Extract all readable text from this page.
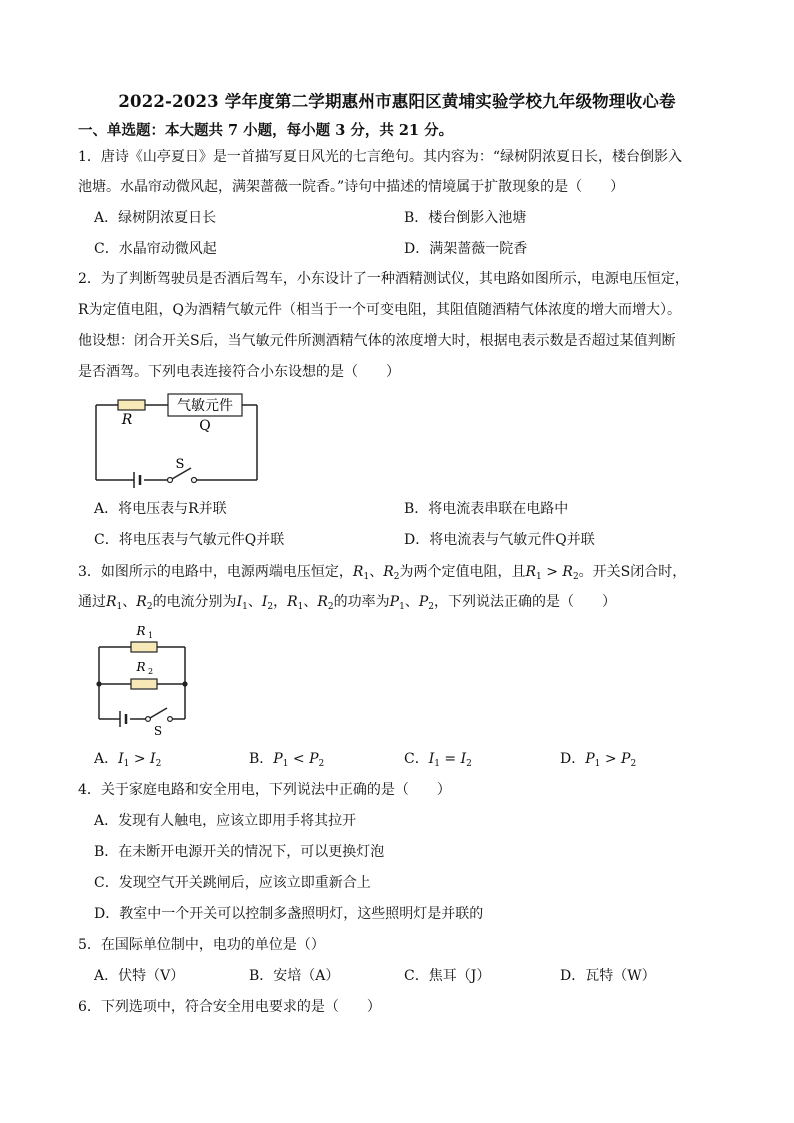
2022-2023 学年度第二学期惠州市惠阳区黄埔实验学校九年级物理收心卷
一、单选题：本大题共 7 小题，每小题 3 分，共 21 分。
1．唐诗《山亭夏日》是一首描写夏日风光的七言绝句。其内容为：“绿树阴浓夏日长，楼台倒影入
池塘。水晶帘动微风起，满架蔷薇一院香。”诗句中描述的情境属于扩散现象的是（　　）
A．绿树阴浓夏日长	B．楼台倒影入池塘
C．水晶帘动微风起	D．满架蔷薇一院香
2．为了判断驾驶员是否酒后驾车，小东设计了一种酒精测试仪，其电路如图所示，电源电压恒定，
R为定值电阻，Q为酒精气敏元件（相当于一个可变电阻，其阻值随酒精气体浓度的增大而增大）。
他设想：闭合开关S后，当气敏元件所测酒精气体的浓度增大时，根据电表示数是否超过某值判断
是否酒驾。下列电表连接符合小东设想的是（　　）
气敏元件
R	Q
S
A．将电压表与R并联	B．将电流表串联在电路中
C．将电压表与气敏元件Q并联	D．将电流表与气敏元件Q并联
3．如图所示的电路中，电源两端电压恒定，$R_1$、$R_2$为两个定值电阻，且$R_1 > R_2$。开关S闭合时，
通过$R_1$、$R_2$的电流分别为$I_1$、$I_2$，$R_1$、$R_2$的功率为$P_1$、$P_2$，下列说法正确的是（　　）
R 1
R 2
S
A．$I_1 > I_2$	B．$P_1 < P_2$	C．$I_1 = I_2$	D．$P_1 > P_2$
4．关于家庭电路和安全用电，下列说法中正确的是（　　）
A．发现有人触电，应该立即用手将其拉开
B．在未断开电源开关的情况下，可以更换灯泡
C．发现空气开关跳闸后，应该立即重新合上
D．教室中一个开关可以控制多盏照明灯，这些照明灯是并联的
5．在国际单位制中，电功的单位是（）
A．伏特（V）	B．安培（A）	C．焦耳（J）	D．瓦特（W）
6．下列选项中，符合安全用电要求的是（　　）
